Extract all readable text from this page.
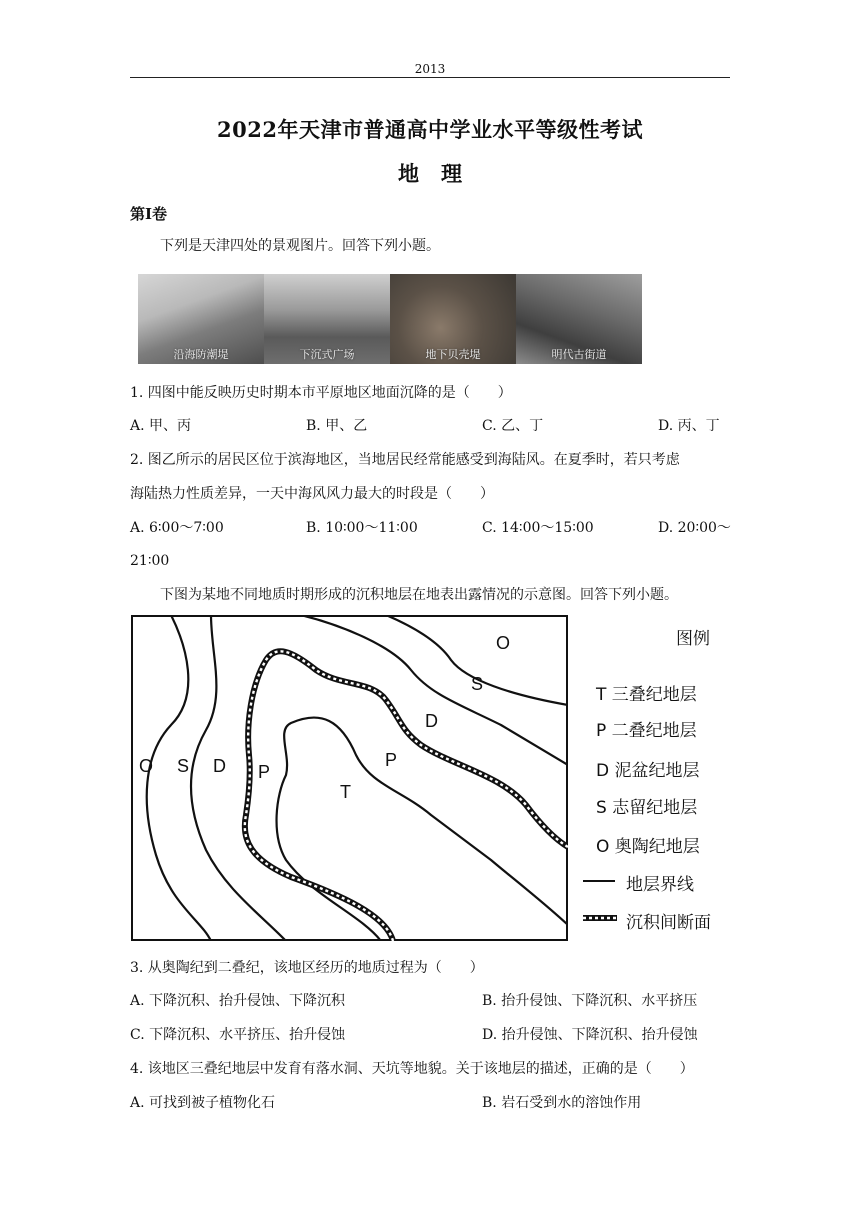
2013
2022年天津市普通高中学业水平等级性考试
地理
第Ⅰ卷
下列是天津四处的景观图片。回答下列小题。
沿海防潮堤	下沉式广场	地下贝壳堤	明代古街道
1. 四图中能反映历史时期本市平原地区地面沉降的是（　　）
A. 甲、丙	B. 甲、乙	C. 乙、丁	D. 丙、丁
2. 图乙所示的居民区位于滨海地区，当地居民经常能感受到海陆风。在夏季时，若只考虑
海陆热力性质差异，一天中海风风力最大的时段是（　　）
A. 6∶00～7∶00	B. 10∶00～11∶00	C. 14∶00～15∶00	D. 20∶00～
21∶00
下图为某地不同地质时期形成的沉积地层在地表出露情况的示意图。回答下列小题。
O S D P
T
P
D
S
O	图例
T 三叠纪地层
P 二叠纪地层
D 泥盆纪地层
S 志留纪地层
O 奥陶纪地层
地层界线
沉积间断面
3. 从奥陶纪到二叠纪，该地区经历的地质过程为（　　）
A. 下降沉积、抬升侵蚀、下降沉积	B. 抬升侵蚀、下降沉积、水平挤压
C. 下降沉积、水平挤压、抬升侵蚀	D. 抬升侵蚀、下降沉积、抬升侵蚀
4. 该地区三叠纪地层中发育有落水洞、天坑等地貌。关于该地层的描述，正确的是（　　）
A. 可找到被子植物化石	B. 岩石受到水的溶蚀作用
